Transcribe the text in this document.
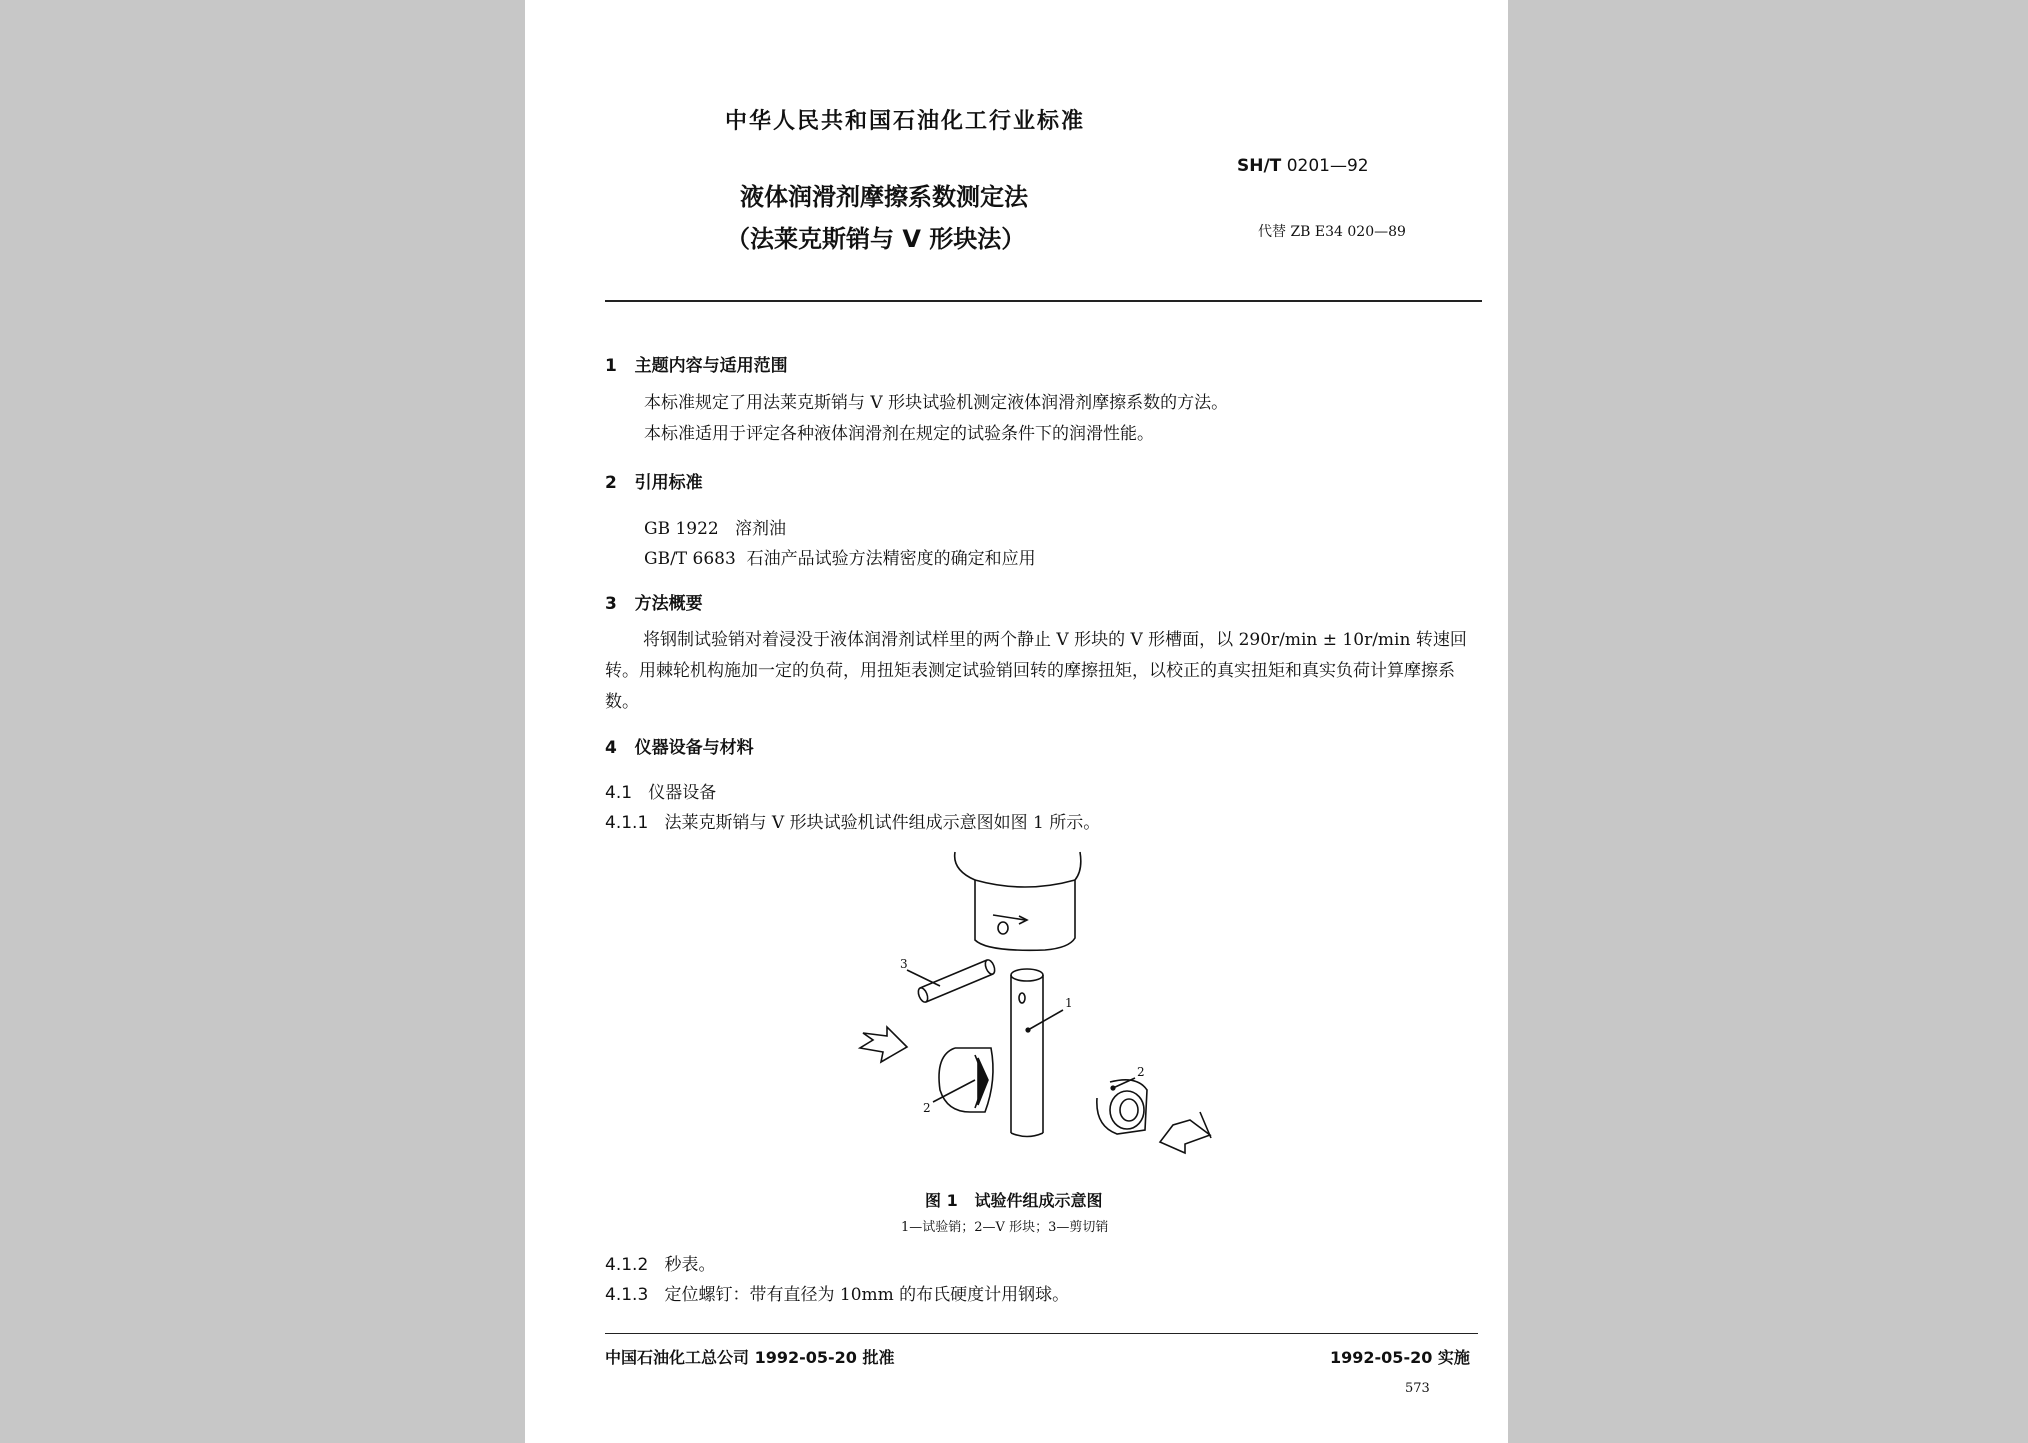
中华人民共和国石油化工行业标准
液体润滑剂摩擦系数测定法
（法莱克斯销与 V 形块法）
SH/T 0201—92
代替 ZB E34 020—89
1 主题内容与适用范围

本标准规定了用法莱克斯销与 V 形块试验机测定液体润滑剂摩擦系数的方法。

本标准适用于评定各种液体润滑剂在规定的试验条件下的润滑性能。

2 引用标准
GB 1922 溶剂油
GB/T 6683 石油产品试验方法精密度的确定和应用
3 方法概要

将钢制试验销对着浸没于液体润滑剂试样里的两个静止 V 形块的 V 形槽面，以 290r/min ± 10r/min 转速回转。用棘轮机构施加一定的负荷，用扭矩表测定试验销回转的摩擦扭矩，以校正的真实扭矩和真实负荷计算摩擦系数。

4 仪器设备与材料
4.1 仪器设备
4.1.1 法莱克斯销与 V 形块试验机试件组成示意图如图 1 所示。
3
1
2
2
图 1 试验件组成示意图
1—试验销；2—V 形块；3—剪切销
4.1.2 秒表。
4.1.3 定位螺钉：带有直径为 10mm 的布氏硬度计用钢球。
中国石油化工总公司 1992-05-20 批准	1992-05-20 实施
573
